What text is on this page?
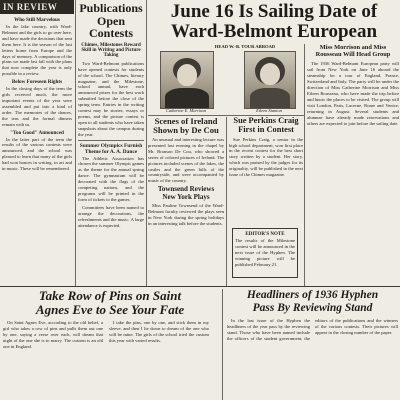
IN REVIEW
Who Still Marvelous

In the lake country, with Ward-Belmont and the girls to go over here, and have made the decisions that sent them here. It is the season of the last letters home from Europe and the days of memory. A comparison of the plans we made last fall with the plans that now complete the year is only possible in a review.

Below Foreseen Rights

In the closing days of the term the girls received much, the more important events of the year were assembled and put into a kind of order. The memories of the dances, the teas and the formal dinners remain with us.

"Too Good" Announced

In the latter part of the term the results of the various contests were announced, and the school was pleased to learn that many of the girls had won honors in writing, in art and in music. These will be remembered.

Publications
Open Contests
Chimes, Milestones Reward Skill in Writing and Picture Taking

Two Ward-Belmont publications have opened contests for students of the school. The Chimes, literary magazine, and the Milestone, school annual, have each announced prizes for the best work submitted before the close of the spring term. Entries in the writing contest may be stories, essays or poems, and the picture contest is open to all students who have taken snapshots about the campus during the year.

Summer Olympics Furnish Theme for A. A. Dance

The Athletic Association has chosen the summer Olympic games as the theme for the annual spring dance. The gymnasium will be decorated with the flags of the competing nations, and the programs will be printed in the form of tickets to the games.

Committees have been named to arrange the decorations, the refreshments and the music. A large attendance is expected.

June 16 Is Sailing Date of
Ward-Belmont European
HEAD W.-B. TOUR ABROAD
Catherine E. Morrison	Eileen Stanton
Miss Morrison and Miss Rousseau Will Head Group

The 1936 Ward-Belmont European party will sail from New York on June 16 aboard the steamship for a tour of England, France, Switzerland and Italy. The party will be under the direction of Miss Catherine Morrison and Miss Eileen Rousseau, who have made the trip before and know the places to be visited. The group will visit London, Paris, Lucerne, Rome and Venice, returning in August. Several students and alumnae have already made reservations and others are expected to join before the sailing date.

Scenes of Ireland
Shown by De Cou

An unusual and interesting lecture was presented last evening in the chapel by Mr. Branson De Cou, who showed a series of colored pictures of Ireland. The pictures included scenes of the lakes, the castles and the green hills of the countryside, and were accompanied by music of the country.

Townsend Reviews
New York Plays

Miss Pauline Townsend of the Ward-Belmont faculty reviewed the plays seen in New York during the spring holidays in an interesting talk before the students.

Sue Perkins Craig
First in Contest

Sue Perkins Craig, a senior in the high school department, won first place in the recent contest for the best short story written by a student. Her story, which was praised by the judges for its originality, will be published in the next issue of the Chimes magazine.

EDITOR'S NOTE

The results of the Milestone contest will be announced in the next issue of the Hyphen. The winning picture will be published February 21.

Take Row of Pins on Saint
Agnes Eve to See Your Fate

On Saint Agnes Eve, according to the old belief, a girl who takes a row of pins and pulls them out one by one, saying a verse over each, will dream that night of the one she is to marry. The custom is an old one in England.

I take the pins, one by one, and stick them in my sleeve, and then I lie down to dream of the one who will be mine. The girls of the school tried the custom this year with varied results.

Headliners of 1936 Hyphen
Pass By Reviewing Stand

In the last issue of the Hyphen the headliners of the year pass by the reviewing stand. Those who have been named include the officers of the student government, the editors of the publications and the winners of the various contests. Their pictures will appear in the closing number of the paper.
